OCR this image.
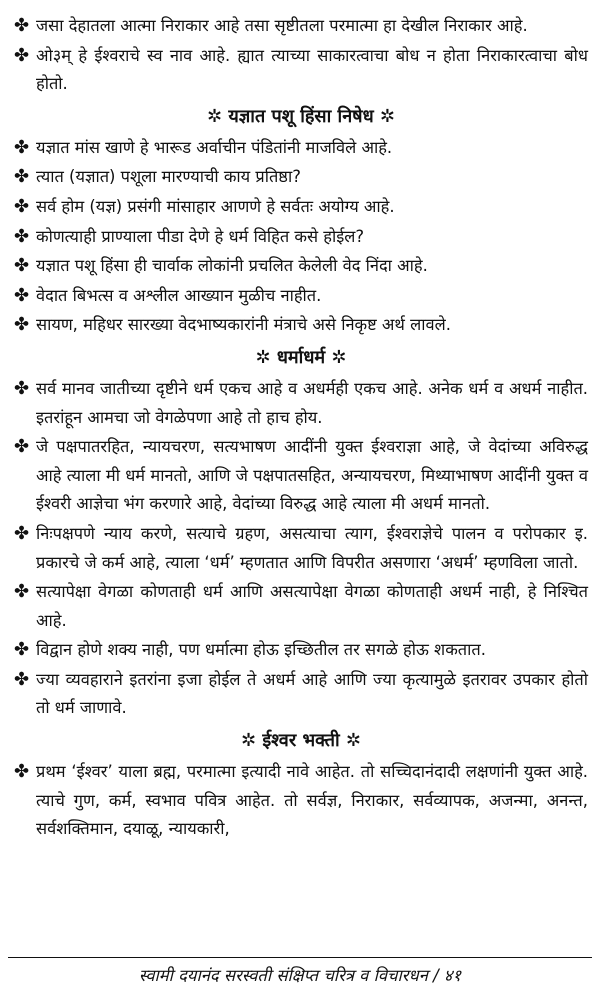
✤ जसा देहातला आत्मा निराकार आहे तसा सृष्टीतला परमात्मा हा देखील निराकार आहे.
✤ ओ३म् हे ईश्वराचे स्व नाव आहे. ह्यात त्याच्या साकारत्वाचा बोध न होता निराकारत्वाचा बोध होतो.
✲ यज्ञात पशू हिंसा निषेध ✲
✤ यज्ञात मांस खाणे हे भारूड अर्वाचीन पंडितांनी माजविले आहे.
✤ त्यात (यज्ञात) पशूला मारण्याची काय प्रतिष्ठा?
✤ सर्व होम (यज्ञ) प्रसंगी मांसाहार आणणे हे सर्वतः अयोग्य आहे.
✤ कोणत्याही प्राण्याला पीडा देणे हे धर्म विहित कसे होईल?
✤ यज्ञात पशू हिंसा ही चार्वाक लोकांनी प्रचलित केलेली वेद निंदा आहे.
✤ वेदात बिभत्स व अश्लील आख्यान मुळीच नाहीत.
✤ सायण, महिधर सारख्या वेदभाष्यकारांनी मंत्राचे असे निकृष्ट अर्थ लावले.
✲ धर्माधर्म ✲
✤ सर्व मानव जातीच्या दृष्टीने धर्म एकच आहे व अधर्मही एकच आहे. अनेक धर्म व अधर्म नाहीत. इतरांहून आमचा जो वेगळेपणा आहे तो हाच होय.
✤ जे पक्षपातरहित, न्यायचरण, सत्यभाषण आदींनी युक्त ईश्वराज्ञा आहे, जे वेदांच्या अविरुद्ध आहे त्याला मी धर्म मानतो, आणि जे पक्षपातसहित, अन्यायचरण, मिथ्याभाषण आदींनी युक्त व ईश्वरी आज्ञेचा भंग करणारे आहे, वेदांच्या विरुद्ध आहे त्याला मी अधर्म मानतो.
✤ निःपक्षपणे न्याय करणे, सत्याचे ग्रहण, असत्याचा त्याग, ईश्वराज्ञेचे पालन व परोपकार इ. प्रकारचे जे कर्म आहे, त्याला ‘धर्म’ म्हणतात आणि विपरीत असणारा ‘अधर्म’ म्हणविला जातो.
✤ सत्यापेक्षा वेगळा कोणताही धर्म आणि असत्यापेक्षा वेगळा कोणताही अधर्म नाही, हे निश्चित आहे.
✤ विद्वान होणे शक्य नाही, पण धर्मात्मा होऊ इच्छितील तर सगळे होऊ शकतात.
✤ ज्या व्यवहाराने इतरांना इजा होईल ते अधर्म आहे आणि ज्या कृत्यामुळे इतरावर उपकार होतो तो धर्म जाणावे.
✲ ईश्वर भक्ती ✲
✤ प्रथम ‘ईश्वर’ याला ब्रह्म, परमात्मा इत्यादी नावे आहेत. तो सच्चिदानंदादी लक्षणांनी युक्त आहे. त्याचे गुण, कर्म, स्वभाव पवित्र आहेत. तो सर्वज्ञ, निराकार, सर्वव्यापक, अजन्मा, अनन्त, सर्वशक्तिमान, दयाळू, न्यायकारी,
स्वामी दयानंद सरस्वती संक्षिप्त चरित्र व विचारधन / ४१
